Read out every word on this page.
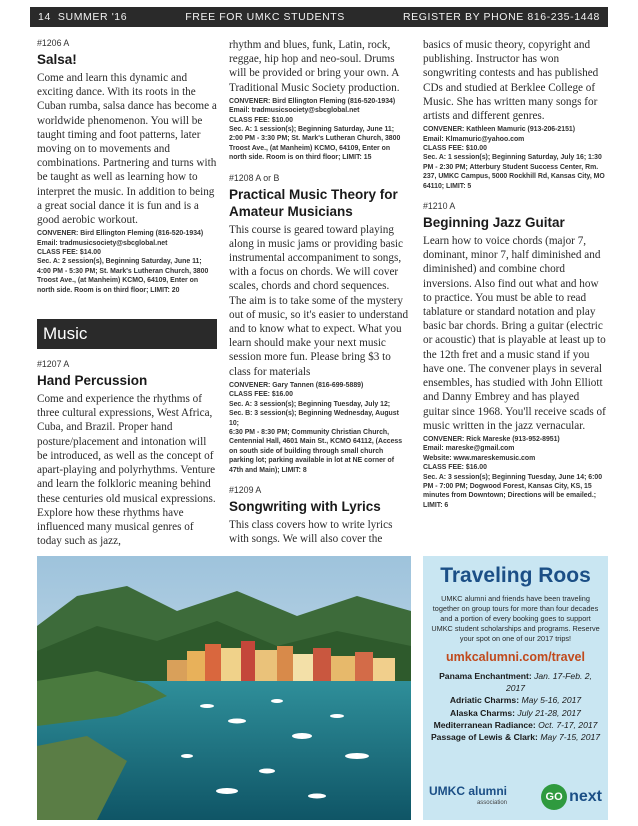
14  SUMMER '16	FREE FOR UMKC STUDENTS	REGISTER BY PHONE 816-235-1448

#1206 A

Salsa!

Come and learn this dynamic and exciting dance. With its roots in the Cuban rumba, salsa dance has become a worldwide phenomenon. You will be taught timing and foot patterns, later moving on to movements and combinations. Partnering and turns with be taught as well as learning how to interpret the music. In addition to being a great social dance it is fun and is a good aerobic workout.

CONVENER: Bird Ellington Fleming (816-520-1934)
Email: tradmusicsociety@sbcglobal.net
CLASS FEE: $14.00
Sec. A: 2 session(s), Beginning Saturday, June 11; 4:00 PM - 5:30 PM; St. Mark's Lutheran Church, 3800 Troost Ave., (at Manheim) KCMO, 64109, Enter on north side. Room is on third floor; LIMIT: 20

Music

#1207 A

Hand Percussion

Come and experience the rhythms of three cultural expressions, West Africa, Cuba, and Brazil. Proper hand posture/placement and intonation will be introduced, as well as the concept of apart-playing and polyrhythms. Venture and learn the folkloric meaning behind these centuries old musical expressions. Explore how these rhythms have influenced many musical genres of today such as jazz,

rhythm and blues, funk, Latin, rock, reggae, hip hop and neo-soul. Drums will be provided or bring your own. A Traditional Music Society production.

CONVENER: Bird Ellington Fleming (816-520-1934)
Email: tradmusicsociety@sbcglobal.net
CLASS FEE: $10.00
Sec. A: 1 session(s); Beginning Saturday, June 11; 2:00 PM - 3:30 PM; St. Mark's Lutheran Church, 3800 Troost Ave., (at Manheim) KCMO, 64109, Enter on north side. Room is on third floor; LIMIT: 15

#1208 A or B

Practical Music Theory for Amateur Musicians

This course is geared toward playing along in music jams or providing basic instrumental accompaniment to songs, with a focus on chords. We will cover scales, chords and chord sequences. The aim is to take some of the mystery out of music, so it's easier to understand and to know what to expect. What you learn should make your next music session more fun. Please bring $3 to class for materials

CONVENER: Gary Tannen (816-699-5889)
CLASS FEE: $16.00
Sec. A: 3 session(s); Beginning Tuesday, July 12;
Sec. B: 3 session(s); Beginning Wednesday, August 10;
6:30 PM - 8:30 PM; Community Christian Church, Centennial Hall, 4601 Main St., KCMO 64112, (Access on south side of building through small church parking lot; parking available in lot at NE corner of 47th and Main); LIMIT: 8

#1209 A

Songwriting with Lyrics

This class covers how to write lyrics with songs. We will also cover the

basics of music theory, copyright and publishing. Instructor has won songwriting contests and has published CDs and studied at Berklee College of Music. She has written many songs for artists and different genres.

CONVENER: Kathleen Mamuric (913-206-2151)
Email: Klmamuric@yahoo.com
CLASS FEE: $10.00
Sec. A: 1 session(s); Beginning Saturday, July 16; 1:30 PM - 2:30 PM; Atterbury Student Success Center, Rm. 237, UMKC Campus, 5000 Rockhill Rd, Kansas City, MO 64110; LIMIT: 5

#1210 A

Beginning Jazz Guitar

Learn how to voice chords (major 7, dominant, minor 7, half diminished and diminished) and combine chord inversions. Also find out what and how to practice. You must be able to read tablature or standard notation and play basic bar chords. Bring a guitar (electric or acoustic) that is playable at least up to the 12th fret and a music stand if you have one. The convener plays in several ensembles, has studied with John Elliott and Danny Embrey and has played guitar since 1968. You'll receive scads of music written in the jazz vernacular.

CONVENER: Rick Mareske (913-952-8951)
Email: mareske@gmail.com
Website: www.mareskemusic.com
CLASS FEE: $16.00
Sec. A: 3 session(s); Beginning Tuesday, June 14; 6:00 PM - 7:00 PM; Dogwood Forest, Kansas City, KS, 15 minutes from Downtown; Directions will be emailed.; LIMIT: 6

Traveling Roos

UMKC alumni and friends have been traveling together on group tours for more than four decades and a portion of every booking goes to support UMKC student scholarships and programs. Reserve your spot on one of our 2017 trips!

umkcalumni.com/travel

Panama Enchantment: Jan. 17-Feb. 2, 2017

Adriatic Charms: May 5-16, 2017

Alaska Charms: July 21-28, 2017

Mediterranean Radiance: Oct. 7-17, 2017

Passage of Lewis & Clark: May 7-15, 2017

UMKC alumni
association	GO next
